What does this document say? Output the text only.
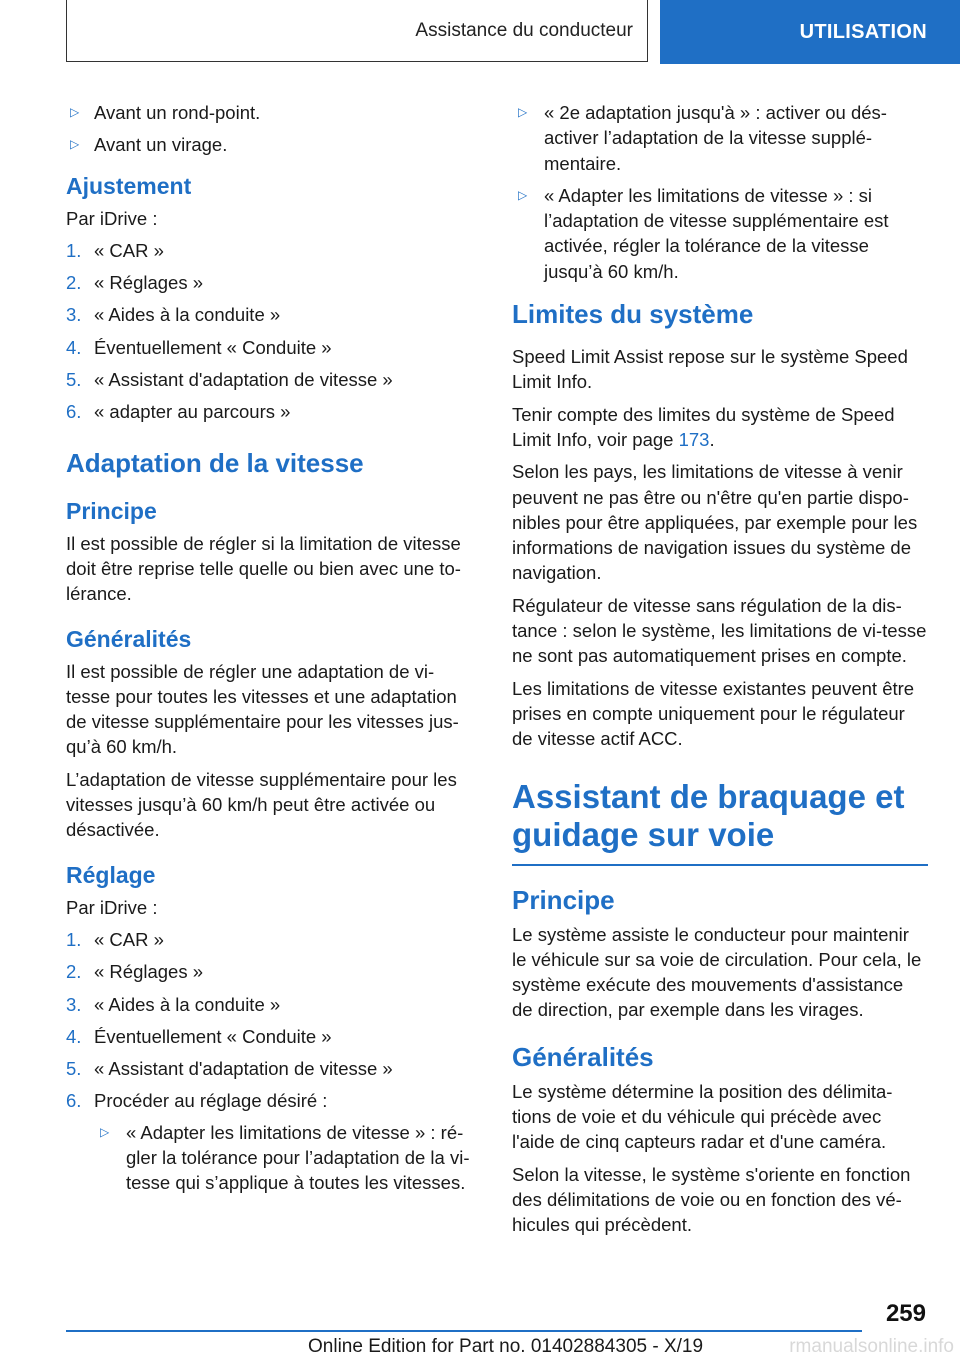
Assistance du conducteur	UTILISATION
▷ Avant un rond-point.
▷ Avant un virage.
Ajustement

Par iDrive :

1. « CAR »
2. « Réglages »
3. « Aides à la conduite »
4. Éventuellement « Conduite »
5. « Assistant d'adaptation de vitesse »
6. « adapter au parcours »
Adaptation de la vitesse
Principe

Il est possible de régler si la limitation de vitesse doit être reprise telle quelle ou bien avec une to-lérance.

Généralités

Il est possible de régler une adaptation de vi-tesse pour toutes les vitesses et une adaptation de vitesse supplémentaire pour les vitesses jus-qu’à 60 km/h.

L’adaptation de vitesse supplémentaire pour les vitesses jusqu’à 60 km/h peut être activée ou désactivée.

Réglage

Par iDrive :

1. « CAR »
2. « Réglages »
3. « Aides à la conduite »
4. Éventuellement « Conduite »
5. « Assistant d'adaptation de vitesse »
6. Procéder au réglage désiré :
▷ « Adapter les limitations de vitesse » : ré-gler la tolérance pour l’adaptation de la vi-tesse qui s’applique à toutes les vitesses.
▷ « 2e adaptation jusqu'à » : activer ou dés-activer l’adaptation de la vitesse supplé-mentaire.
▷ « Adapter les limitations de vitesse » : si l’adaptation de vitesse supplémentaire est activée, régler la tolérance de la vitesse jusqu’à 60 km/h.
Limites du système

Speed Limit Assist repose sur le système Speed Limit Info.

Tenir compte des limites du système de Speed Limit Info, voir page 173.

Selon les pays, les limitations de vitesse à venir peuvent ne pas être ou n'être qu'en partie dispo-nibles pour être appliquées, par exemple pour les informations de navigation issues du système de navigation.

Régulateur de vitesse sans régulation de la dis-tance : selon le système, les limitations de vi-tesse ne sont pas automatiquement prises en compte.

Les limitations de vitesse existantes peuvent être prises en compte uniquement pour le régulateur de vitesse actif ACC.

Assistant de braquage et guidage sur voie
Principe

Le système assiste le conducteur pour maintenir le véhicule sur sa voie de circulation. Pour cela, le système exécute des mouvements d'assistance de direction, par exemple dans les virages.

Généralités

Le système détermine la position des délimita-tions de voie et du véhicule qui précède avec l'aide de cinq capteurs radar et d'une caméra.

Selon la vitesse, le système s'oriente en fonction des délimitations de voie ou en fonction des vé-hicules qui précèdent.

259
Online Edition for Part no. 01402884305 - X/19	rmanualsonline.info
